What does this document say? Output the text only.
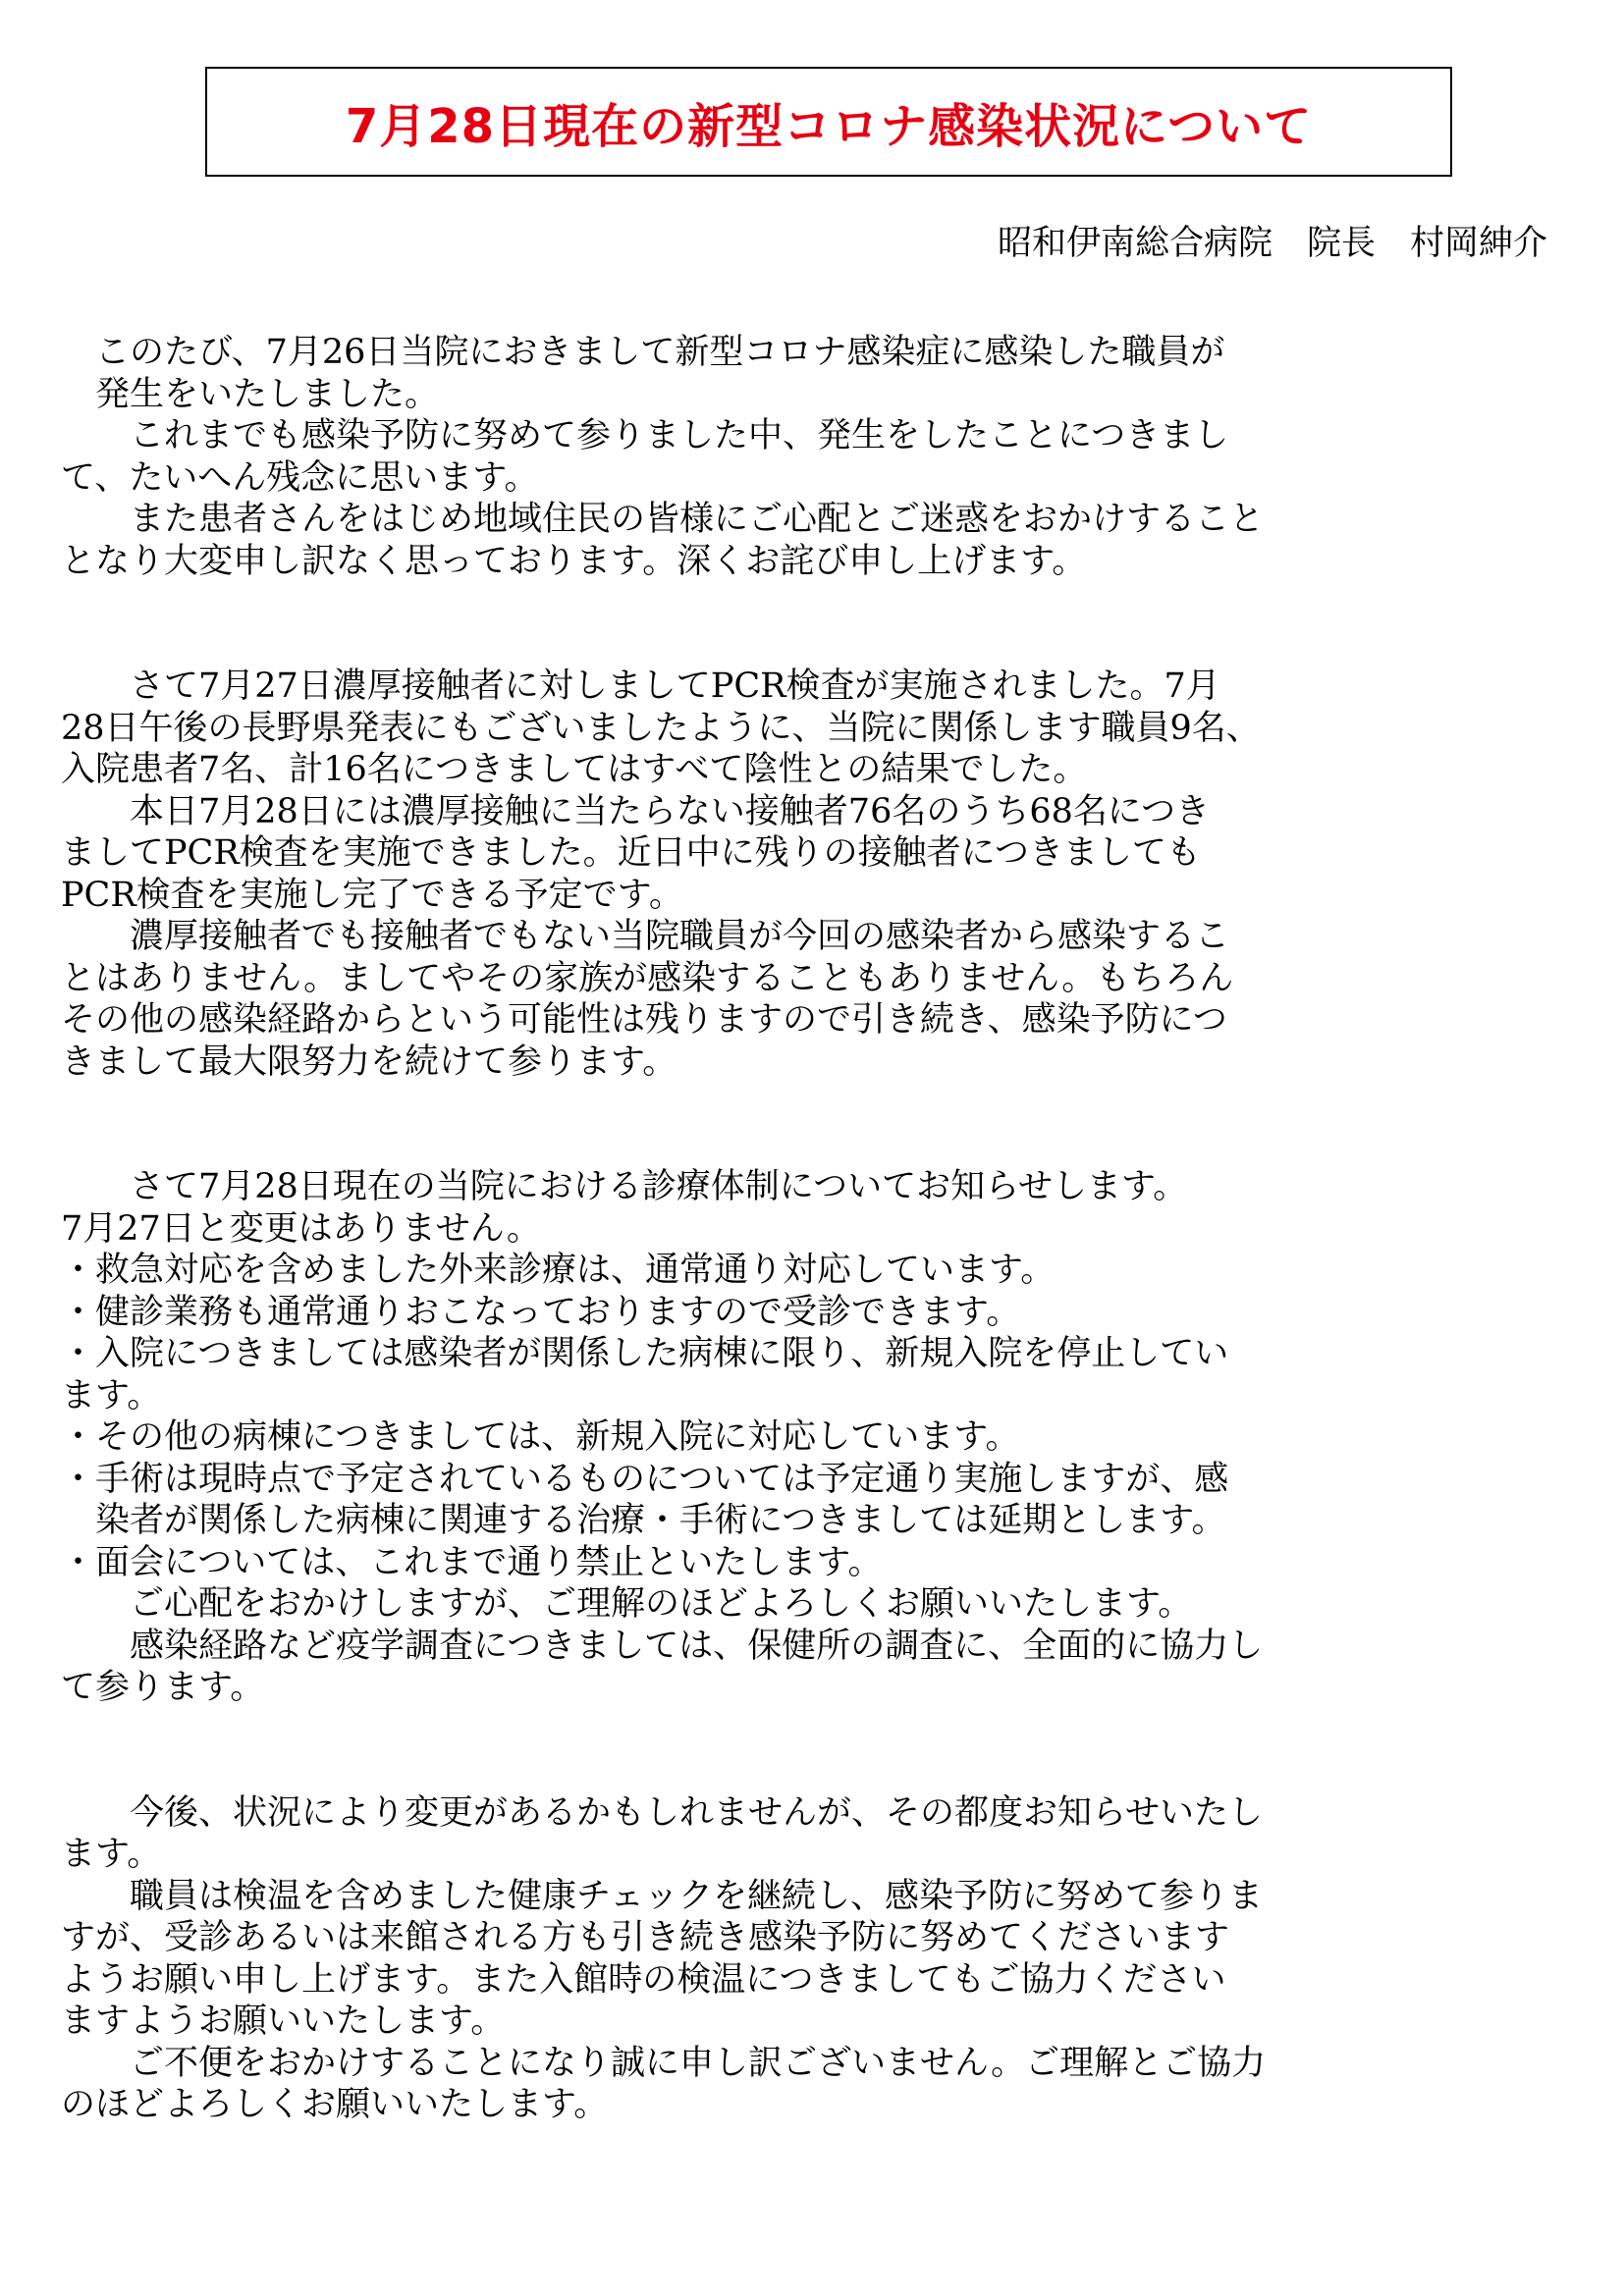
7月28日現在の新型コロナ感染状況について
昭和伊南総合病院　院長　村岡紳介
　このたび、7月26日当院におきまして新型コロナ感染症に感染した職員が
　発生をいたしました。
　　これまでも感染予防に努めて参りました中、発生をしたことにつきまし
て、たいへん残念に思います。
　　また患者さんをはじめ地域住民の皆様にご心配とご迷惑をおかけすること
となり大変申し訳なく思っております。深くお詫び申し上げます。
　　さて7月27日濃厚接触者に対しましてPCR検査が実施されました。7月
28日午後の長野県発表にもございましたように、当院に関係します職員9名、
入院患者7名、計16名につきましてはすべて陰性との結果でした。
　　本日7月28日には濃厚接触に当たらない接触者76名のうち68名につき
ましてPCR検査を実施できました。近日中に残りの接触者につきましても
PCR検査を実施し完了できる予定です。
　　濃厚接触者でも接触者でもない当院職員が今回の感染者から感染するこ
とはありません。ましてやその家族が感染することもありません。もちろん
その他の感染経路からという可能性は残りますので引き続き、感染予防につ
きまして最大限努力を続けて参ります。
　　さて7月28日現在の当院における診療体制についてお知らせします。
7月27日と変更はありません。
・救急対応を含めました外来診療は、通常通り対応しています。
・健診業務も通常通りおこなっておりますので受診できます。
・入院につきましては感染者が関係した病棟に限り、新規入院を停止してい
ます。
・その他の病棟につきましては、新規入院に対応しています。
・手術は現時点で予定されているものについては予定通り実施しますが、感
　染者が関係した病棟に関連する治療・手術につきましては延期とします。
・面会については、これまで通り禁止といたします。
　　ご心配をおかけしますが、ご理解のほどよろしくお願いいたします。
　　感染経路など疫学調査につきましては、保健所の調査に、全面的に協力し
て参ります。
　　今後、状況により変更があるかもしれませんが、その都度お知らせいたし
ます。
　　職員は検温を含めました健康チェックを継続し、感染予防に努めて参りま
すが、受診あるいは来館される方も引き続き感染予防に努めてくださいます
ようお願い申し上げます。また入館時の検温につきましてもご協力ください
ますようお願いいたします。
　　ご不便をおかけすることになり誠に申し訳ございません。ご理解とご協力
のほどよろしくお願いいたします。
